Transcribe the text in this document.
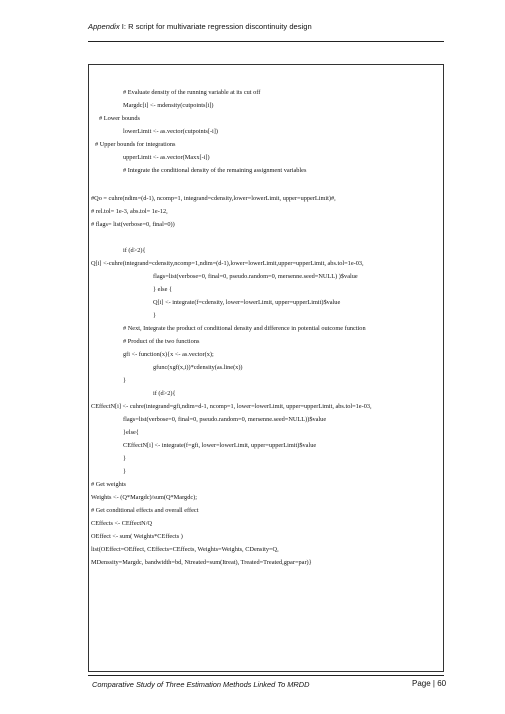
Appendix I: R script for multivariate regression discontinuity design
# Evaluate density of the running variable at its cut off
Margdc[i] <- mdensity(cutpoints[i])
# Lower bounds
lowerLimit <- as.vector(cutpoints[-i])
# Upper bounds for integrations
upperLimit <- as.vector(Maxx[-i])
# Integrate the conditional density of the remaining assignment variables
#Qo = cuhre(ndim=(d-1), ncomp=1, integrand=cdensity,lower=lowerLimit, upper=upperLimit)#,
# rel.tol= 1e-3, abs.tol= 1e-12,
# flags= list(verbose=0, final=0))
if (d>2){
Q[i] <-cuhre(integrand=cdensity,ncomp=1,ndim=(d-1),lower=lowerLimit,upper=upperLimit, abs.tol=1e-03,
flags=list(verbose=0, final=0, pseudo.random=0, mersenne.seed=NULL) )$value
} else {
Q[i] <- integrate(f=cdensity, lower=lowerLimit, upper=upperLimit)$value
}
# Next, Integrate the product of conditional density and difference in potential outcome function
# Product of the two functions
gfi <- function(x){x <- as.vector(x);
gfunc(xgf(x,i))*cdensity(as.line(x))
}
if (d>2){
CEffectN[i] <- cuhre(integrand=gfi,ndim=d-1, ncomp=1, lower=lowerLimit, upper=upperLimit, abs.tol=1e-03,
flags=list(verbose=0, final=0, pseudo.random=0, mersenne.seed=NULL))$value
}else{
CEffectN[i] <- integrate(f=gfi, lower=lowerLimit, upper=upperLimit)$value
}
}
# Get weights
Weights <- (Q*Margdc)/sum(Q*Margdc);
# Get conditional effects and overall effect
CEffects <- CEffectN/Q
OEffect <- sum( Weights*CEffects )
list(OEffect=OEffect, CEffects=CEffects, Weights=Weights, CDensity=Q,
MDenssity=Margdc, bandwidth=bd, Ntreated=sum(Itreat), Treated=Treated,gpar=par)}
Comparative Study of Three Estimation Methods Linked To MRDD	Page | 60
